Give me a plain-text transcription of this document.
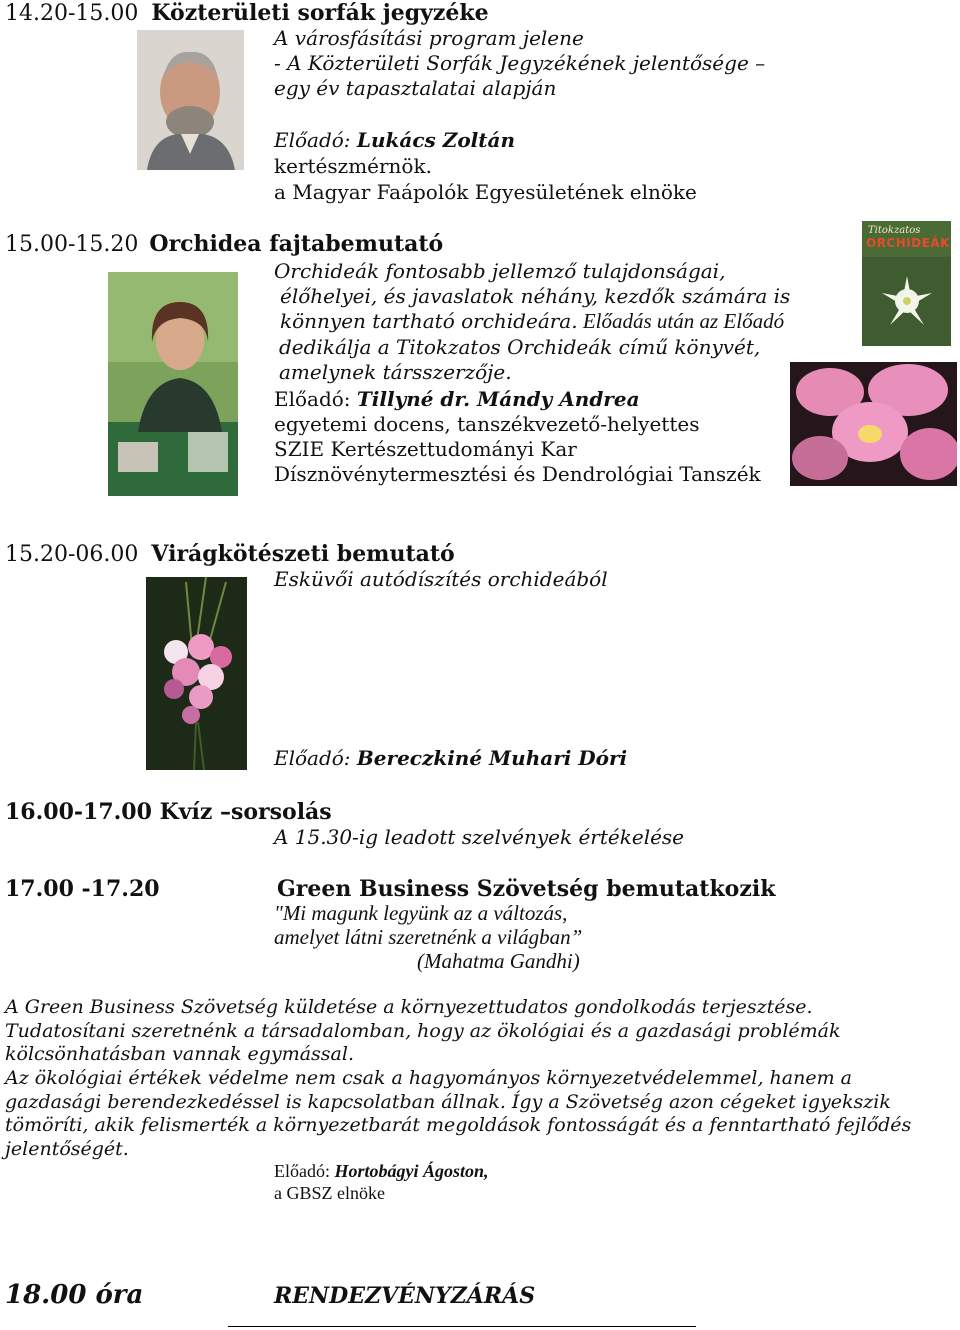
14.20-15.00 Közterületi sorfák jegyzéke
A városfásítási program jelene
- A Közterületi Sorfák Jegyzékének jelentősége –
egy év tapasztalatai alapján
Előadó: Lukács Zoltán
kertészmérnök.
a Magyar Faápolók Egyesületének elnöke
15.00-15.20 Orchidea fajtabemutató
Titokzatos
ORCHIDEÁK
Orchideák fontosabb jellemző tulajdonságai,
élőhelyei, és javaslatok néhány, kezdők számára is
könnyen tartható orchideára. Előadás után az Előadó
dedikálja a Titokzatos Orchideák című könyvét,
amelynek társszerzője.
Előadó: Tillyné dr. Mándy Andrea
egyetemi docens, tanszékvezető-helyettes
SZIE Kertészettudományi Kar
Dísznövénytermesztési és Dendrológiai Tanszék
15.20-06.00 Virágkötészeti bemutató
Esküvői autódíszítés orchideából
Előadó: Bereczkiné Muhari Dóri
16.00-17.00 Kvíz –sorsolás
A 15.30-ig leadott szelvények értékelése
17.00 -17.20	Green Business Szövetség bemutatkozik
"Mi magunk legyünk az a változás,
amelyet látni szeretnénk a világban”
(Mahatma Gandhi)
A Green Business Szövetség küldetése a környezettudatos gondolkodás terjesztése. Tudatosítani szeretnénk a társadalomban, hogy az ökológiai és a gazdasági problémák kölcsönhatásban vannak egymással.
Az ökológiai értékek védelme nem csak a hagyományos környezetvédelemmel, hanem a gazdasági berendezkedéssel is kapcsolatban állnak. Így a Szövetség azon cégeket igyekszik tömöríti, akik felismerték a környezetbarát megoldások fontosságát és a fenntartható fejlődés jelentőségét.
Előadó: Hortobágyi Ágoston,
a GBSZ elnöke
18.00 óra	RENDEZVÉNYZÁRÁS
